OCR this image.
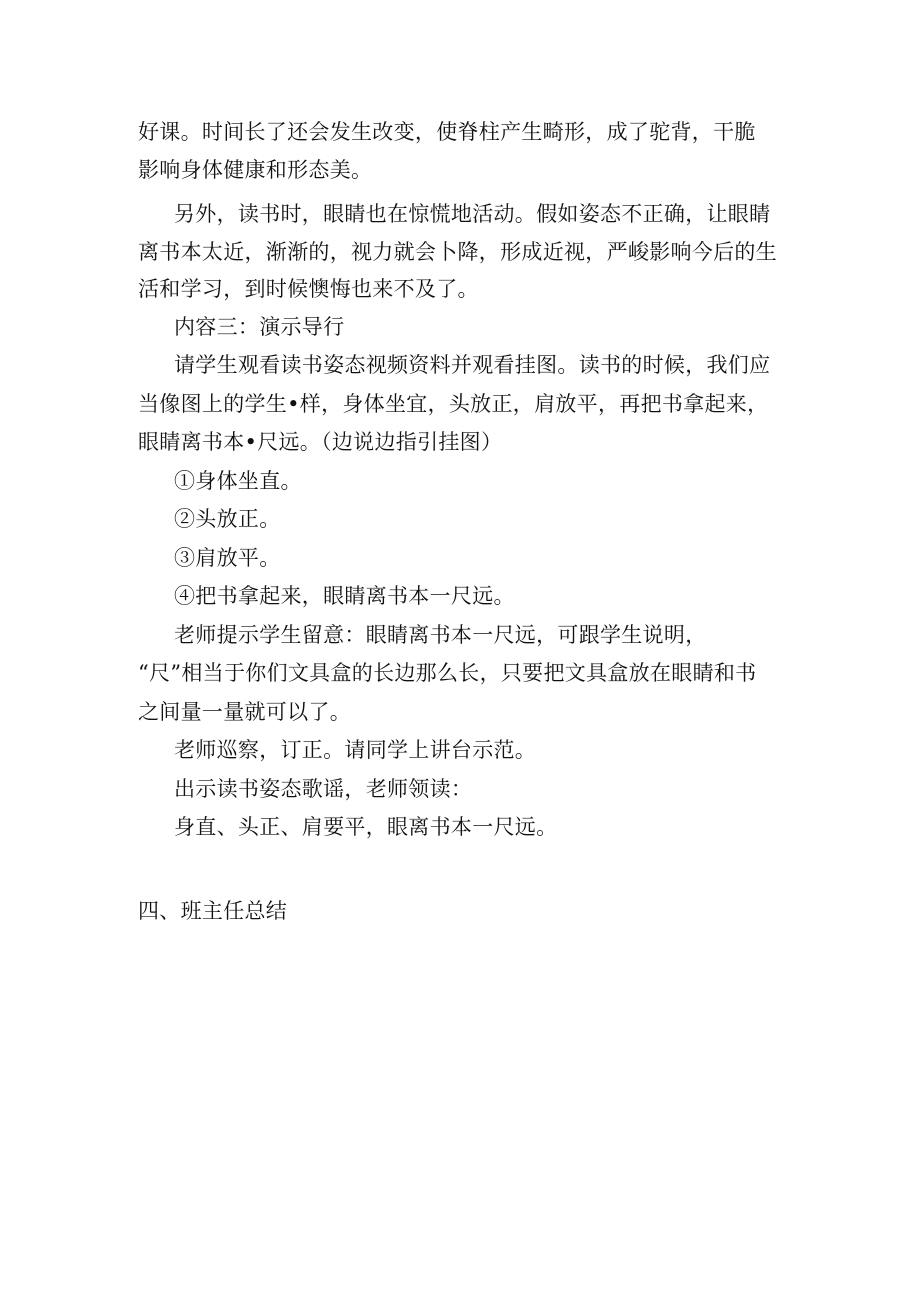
好课。时间长了还会发生改变，使脊柱产生畸形，成了驼背，干脆
影响身体健康和形态美。
另外，读书时，眼睛也在惊慌地活动。假如姿态不正确，让眼睛
离书本太近，渐渐的，视力就会卜降，形成近视，严峻影响今后的生
活和学习，到时候懊悔也来不及了。
内容三：演示导行
请学生观看读书姿态视频资料并观看挂图。读书的时候，我们应
当像图上的学生•样，身体坐宜，头放正，肩放平，再把书拿起来，
眼睛离书本•尺远。（边说边指引挂图）
①身体坐直。
②头放正。
③肩放平。
④把书拿起来，眼睛离书本一尺远。
老师提示学生留意：眼睛离书本一尺远，可跟学生说明，
“尺”相当于你们文具盒的长边那么长，只要把文具盒放在眼睛和书
之间量一量就可以了。
老师巡察，订正。请同学上讲台示范。
出示读书姿态歌谣，老师领读：
身直、头正、肩要平，眼离书本一尺远。
四、班主任总结
